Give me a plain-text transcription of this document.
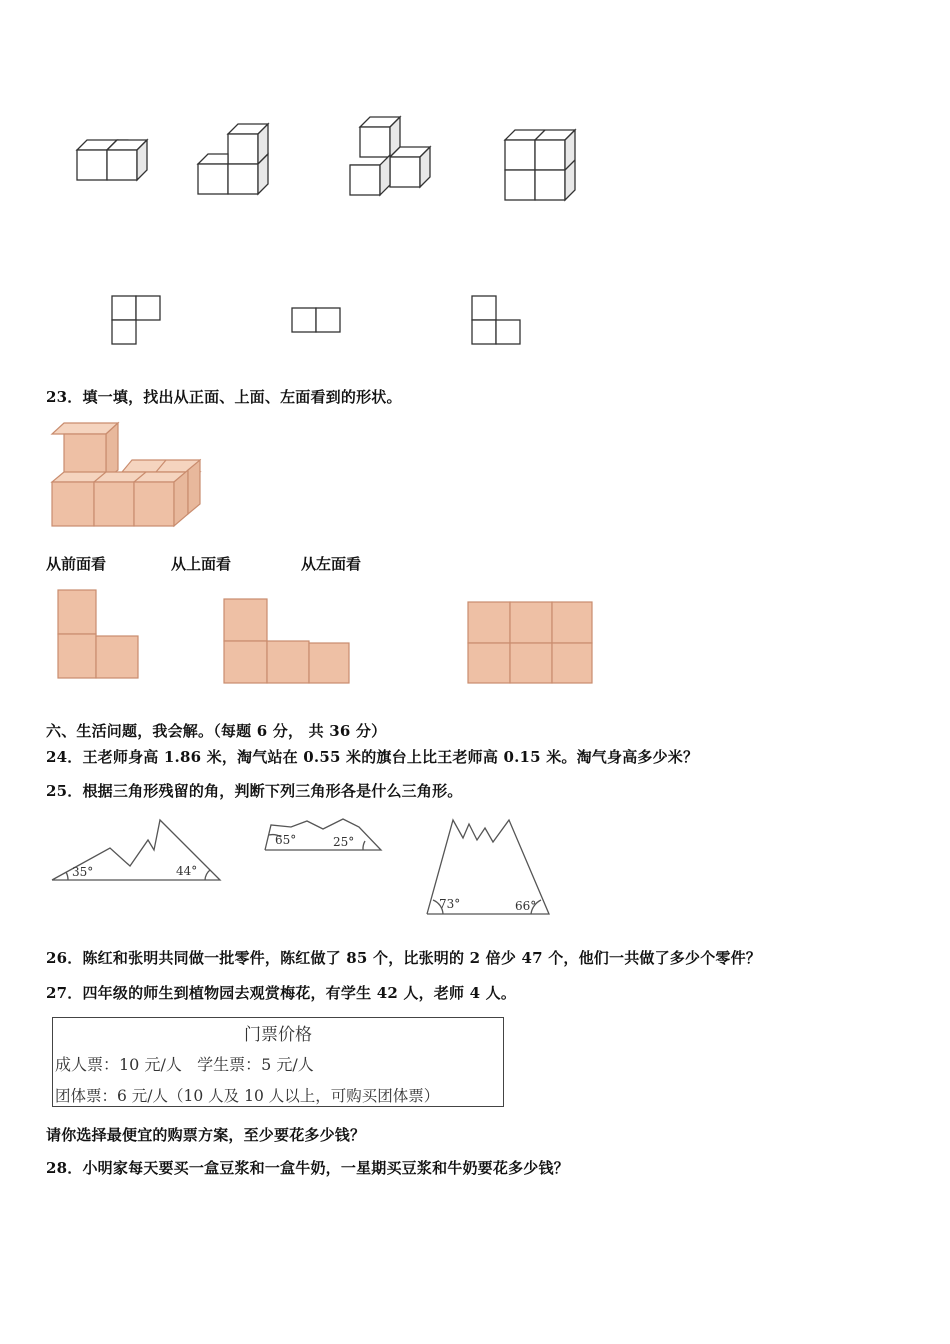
23．填一填，找出从正面、上面、左面看到的形状。
从前面看	从上面看	从左面看
六、生活问题，我会解。（每题 6 分， 共 36 分）
24．王老师身高 1.86 米，淘气站在 0.55 米的旗台上比王老师高 0.15 米。淘气身高多少米？
25．根据三角形残留的角，判断下列三角形各是什么三角形。
35°	44°
65°	25°
73°	66°
26．陈红和张明共同做一批零件，陈红做了 85 个，比张明的 2 倍少 47 个，他们一共做了多少个零件？
27．四年级的师生到植物园去观赏梅花，有学生 42 人，老师 4 人。
门票价格
成人票：10 元/人   学生票：5 元/人
团体票：6 元/人（10 人及 10 人以上，可购买团体票）
请你选择最便宜的购票方案，至少要花多少钱？
28．小明家每天要买一盒豆浆和一盒牛奶，一星期买豆浆和牛奶要花多少钱？
